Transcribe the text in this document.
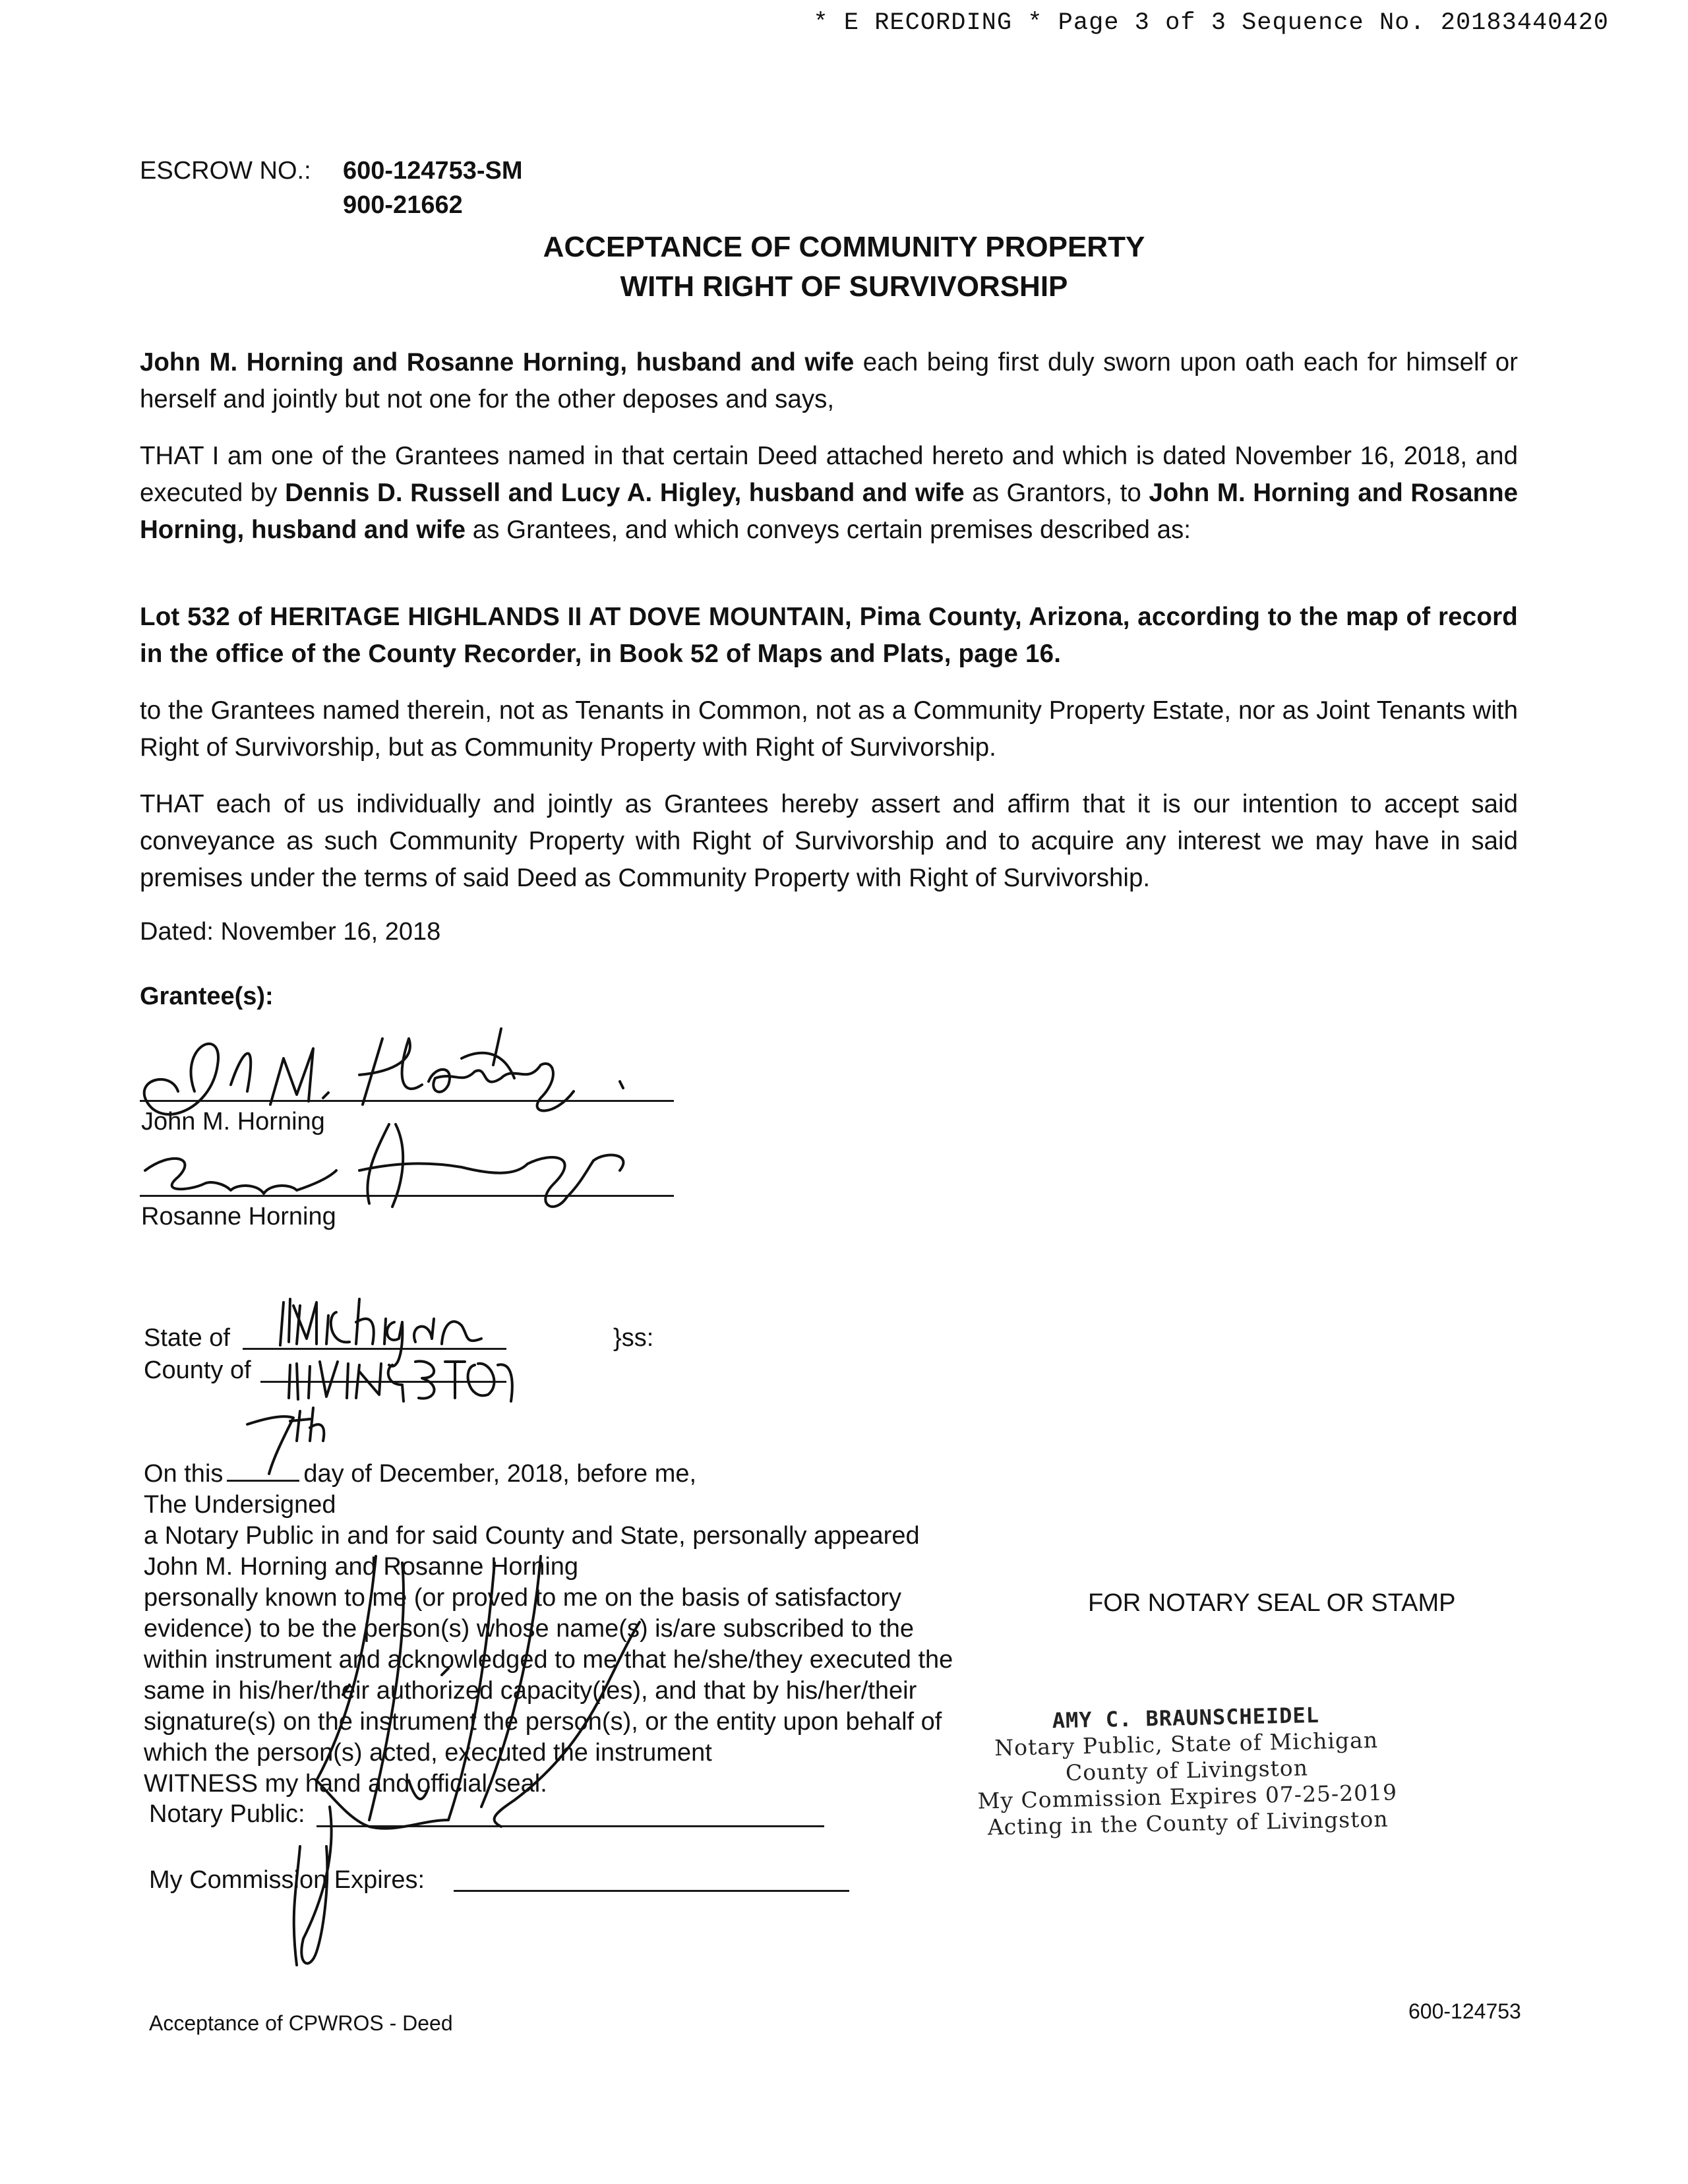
* E RECORDING * Page 3 of 3 Sequence No. 20183440420
ESCROW NO.: 600-124753-SM
900-21662
ACCEPTANCE OF COMMUNITY PROPERTY
WITH RIGHT OF SURVIVORSHIP

John M. Horning and Rosanne Horning, husband and wife each being first duly sworn upon oath each for himself or herself and jointly but not one for the other deposes and says,

THAT I am one of the Grantees named in that certain Deed attached hereto and which is dated November 16, 2018, and executed by Dennis D. Russell and Lucy A. Higley, husband and wife as Grantors, to John M. Horning and Rosanne Horning, husband and wife as Grantees, and which conveys certain premises described as:

Lot 532 of HERITAGE HIGHLANDS II AT DOVE MOUNTAIN, Pima County, Arizona, according to the map of record in the office of the County Recorder, in Book 52 of Maps and Plats, page 16.

to the Grantees named therein, not as Tenants in Common, not as a Community Property Estate, nor as Joint Tenants with Right of Survivorship, but as Community Property with Right of Survivorship.

THAT each of us individually and jointly as Grantees hereby assert and affirm that it is our intention to accept said conveyance as such Community Property with Right of Survivorship and to acquire any interest we may have in said premises under the terms of said Deed as Community Property with Right of Survivorship.

Dated: November 16, 2018
Grantee(s):
John M. Horning
Rosanne Horning
State of
County of
}ss:
On this	day of December, 2018, before me,
The Undersigned
a Notary Public in and for said County and State, personally appeared
John M. Horning and Rosanne Horning
personally known to me (or proved to me on the basis of satisfactory
evidence) to be the person(s) whose name(s) is/are subscribed to the
within instrument and acknowledged to me that he/she/they executed the
same in his/her/their authorized capacity(ies), and that by his/her/their
signature(s) on the instrument the person(s), or the entity upon behalf of
which the person(s) acted, executed the instrument
WITNESS my hand and official seal.
Notary Public:
My Commission Expires:
FOR NOTARY SEAL OR STAMP
AMY C. BRAUNSCHEIDEL
Notary Public, State of Michigan
County of Livingston
My Commission Expires 07-25-2019
Acting in the County of Livingston
Acceptance of CPWROS - Deed	600-124753
